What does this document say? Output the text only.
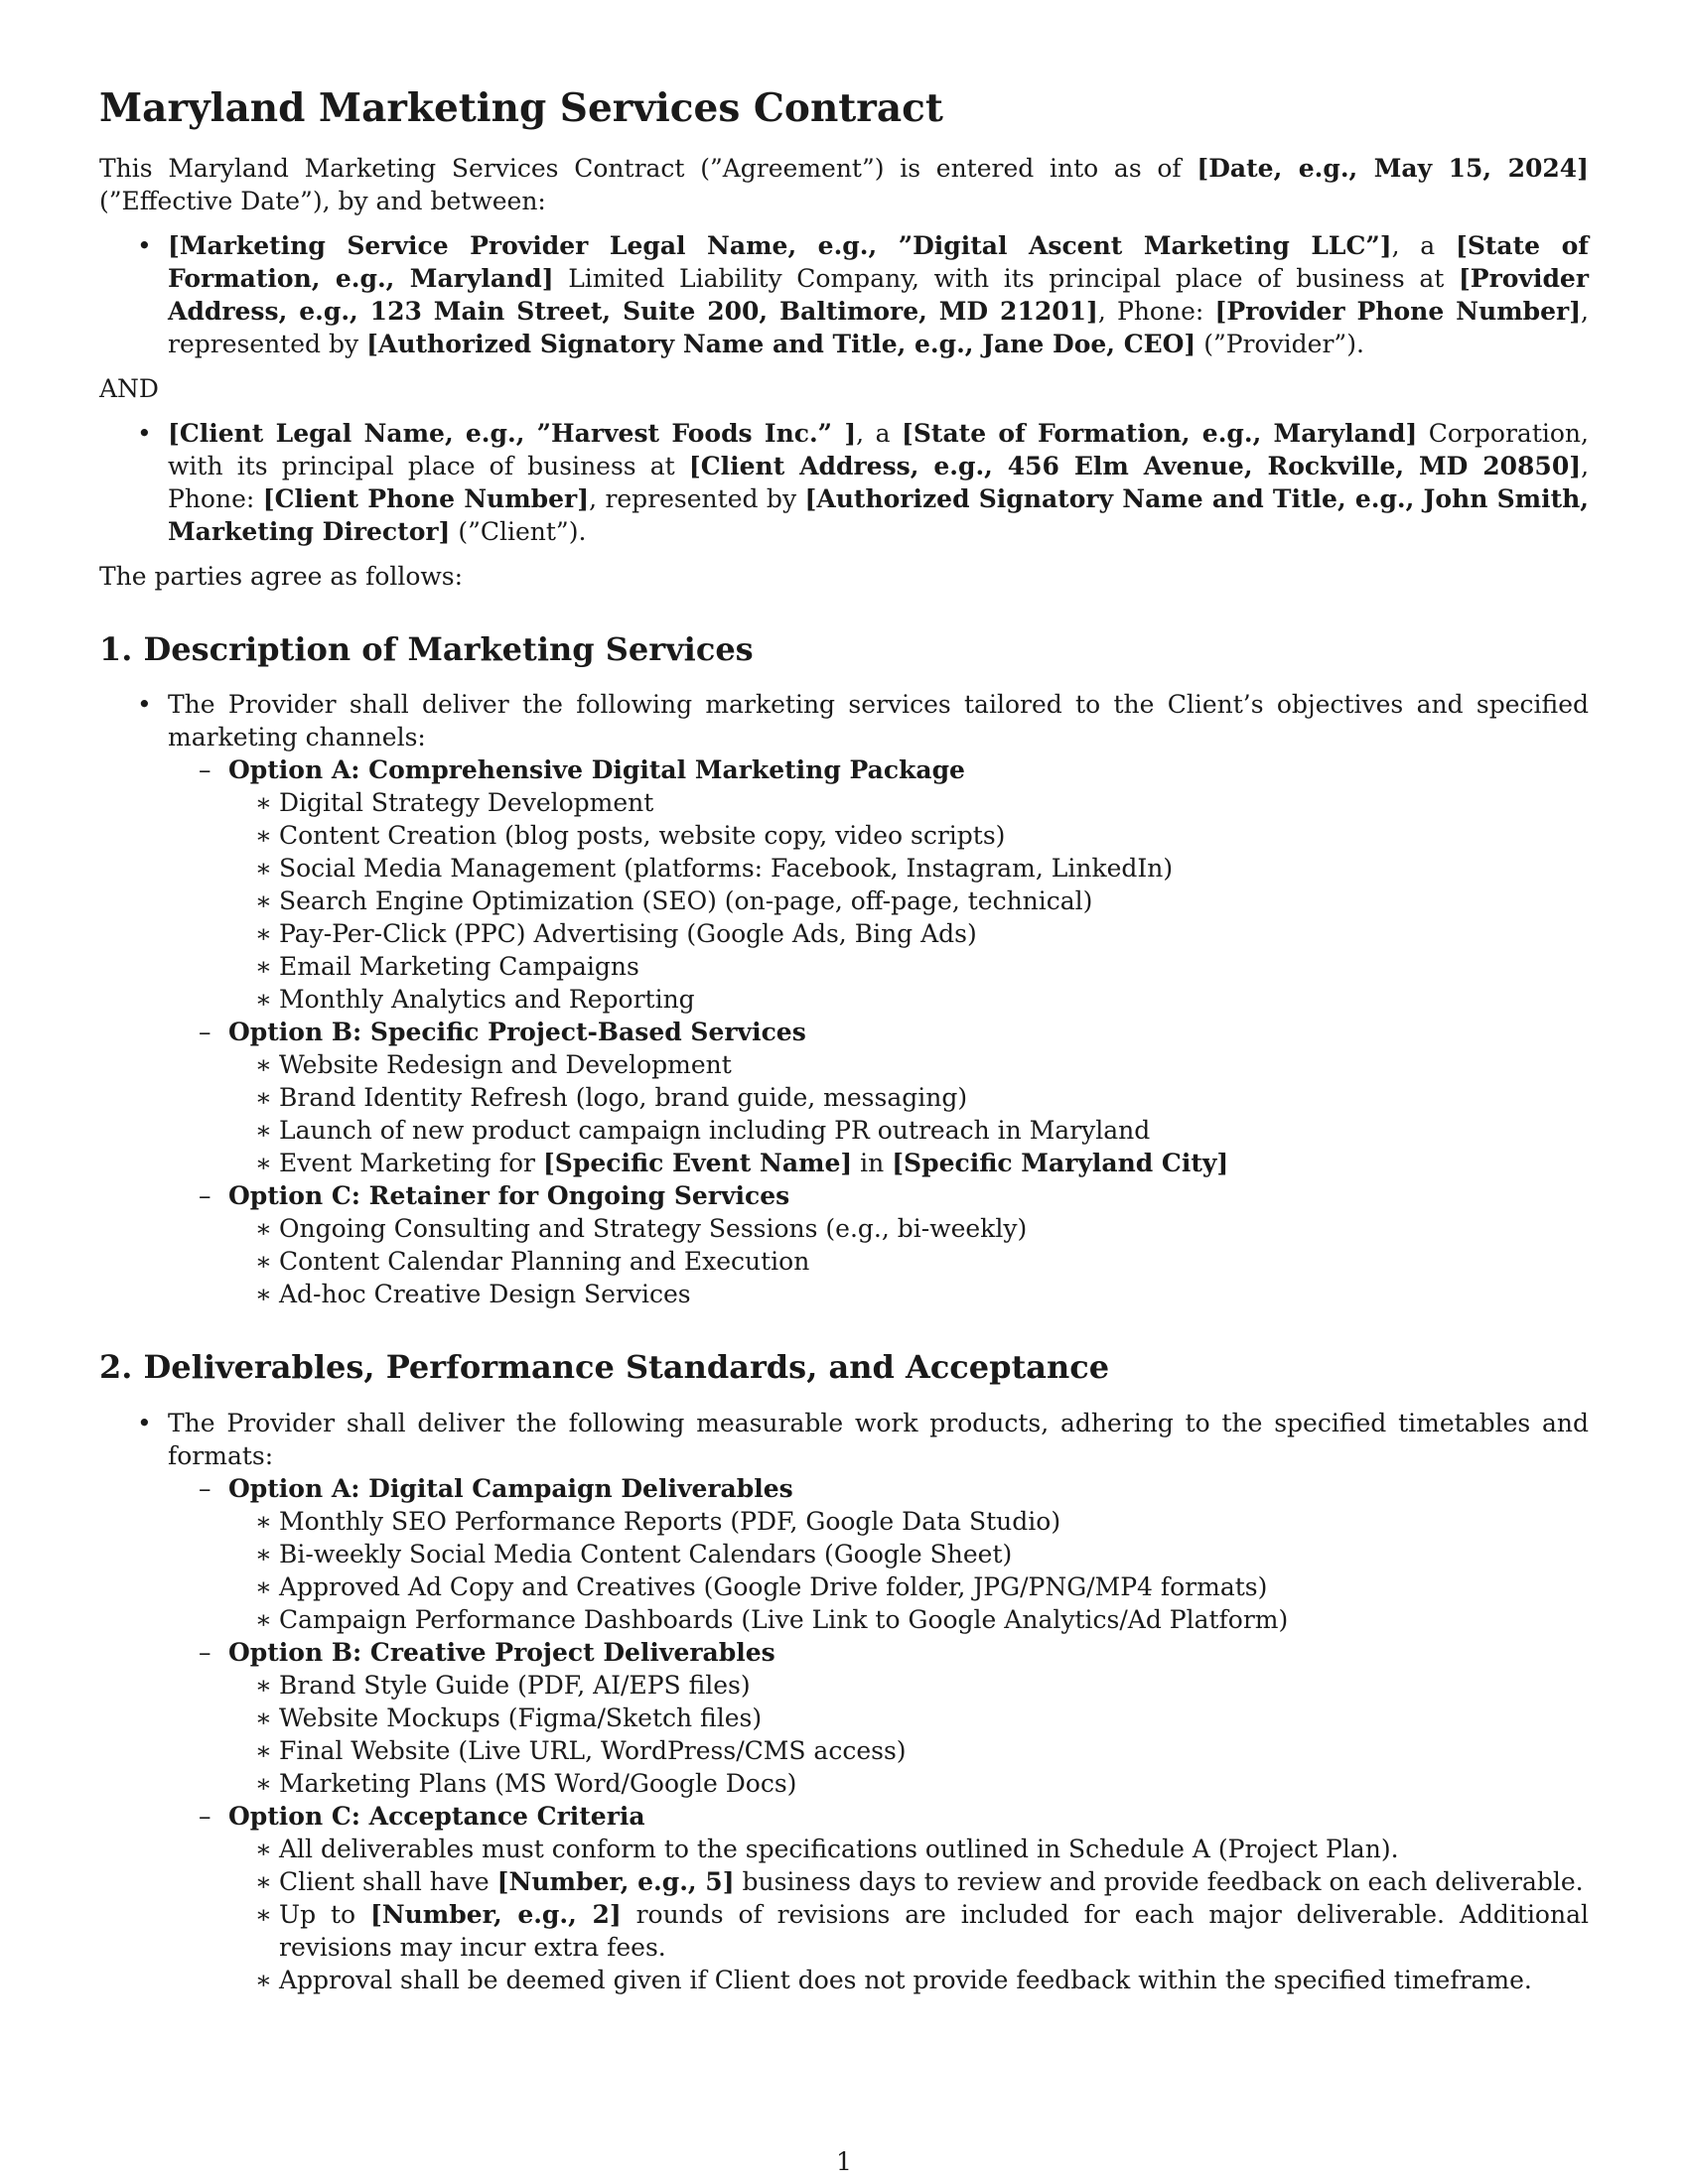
Maryland Marketing Services Contract

This Maryland Marketing Services Contract (”Agreement”) is entered into as of [Date, e.g., May 15, 2024] (”Effective Date”), by and between:

• [Marketing Service Provider Legal Name, e.g., ”Digital Ascent Marketing LLC”], a [State of Formation, e.g., Maryland] Limited Liability Company, with its principal place of business at [Provider Address, e.g., 123 Main Street, Suite 200, Baltimore, MD 21201], Phone: [Provider Phone Number], represented by [Authorized Signatory Name and Title, e.g., Jane Doe, CEO] (”Provider”).

AND

• [Client Legal Name, e.g., ”Harvest Foods Inc.” ], a [State of Formation, e.g., Maryland] Corporation, with its principal place of business at [Client Address, e.g., 456 Elm Avenue, Rockville, MD 20850], Phone: [Client Phone Number], represented by [Authorized Signatory Name and Title, e.g., John Smith, Marketing Director] (”Client”).

The parties agree as follows:

1. Description of Marketing Services
• The Provider shall deliver the following marketing services tailored to the Client’s objectives and specified marketing channels:
– Option A: Comprehensive Digital Marketing Package
∗ Digital Strategy Development
∗ Content Creation (blog posts, website copy, video scripts)
∗ Social Media Management (platforms: Facebook, Instagram, LinkedIn)
∗ Search Engine Optimization (SEO) (on-page, off-page, technical)
∗ Pay-Per-Click (PPC) Advertising (Google Ads, Bing Ads)
∗ Email Marketing Campaigns
∗ Monthly Analytics and Reporting
– Option B: Specific Project-Based Services
∗ Website Redesign and Development
∗ Brand Identity Refresh (logo, brand guide, messaging)
∗ Launch of new product campaign including PR outreach in Maryland
∗ Event Marketing for [Specific Event Name] in [Specific Maryland City]
– Option C: Retainer for Ongoing Services
∗ Ongoing Consulting and Strategy Sessions (e.g., bi-weekly)
∗ Content Calendar Planning and Execution
∗ Ad-hoc Creative Design Services
2. Deliverables, Performance Standards, and Acceptance
• The Provider shall deliver the following measurable work products, adhering to the specified timetables and formats:
– Option A: Digital Campaign Deliverables
∗ Monthly SEO Performance Reports (PDF, Google Data Studio)
∗ Bi-weekly Social Media Content Calendars (Google Sheet)
∗ Approved Ad Copy and Creatives (Google Drive folder, JPG/PNG/MP4 formats)
∗ Campaign Performance Dashboards (Live Link to Google Analytics/Ad Platform)
– Option B: Creative Project Deliverables
∗ Brand Style Guide (PDF, AI/EPS files)
∗ Website Mockups (Figma/Sketch files)
∗ Final Website (Live URL, WordPress/CMS access)
∗ Marketing Plans (MS Word/Google Docs)
– Option C: Acceptance Criteria
∗ All deliverables must conform to the specifications outlined in Schedule A (Project Plan).
∗ Client shall have [Number, e.g., 5] business days to review and provide feedback on each deliverable.
∗ Up to [Number, e.g., 2] rounds of revisions are included for each major deliverable. Additional revisions may incur extra fees.
∗ Approval shall be deemed given if Client does not provide feedback within the specified timeframe.
1
